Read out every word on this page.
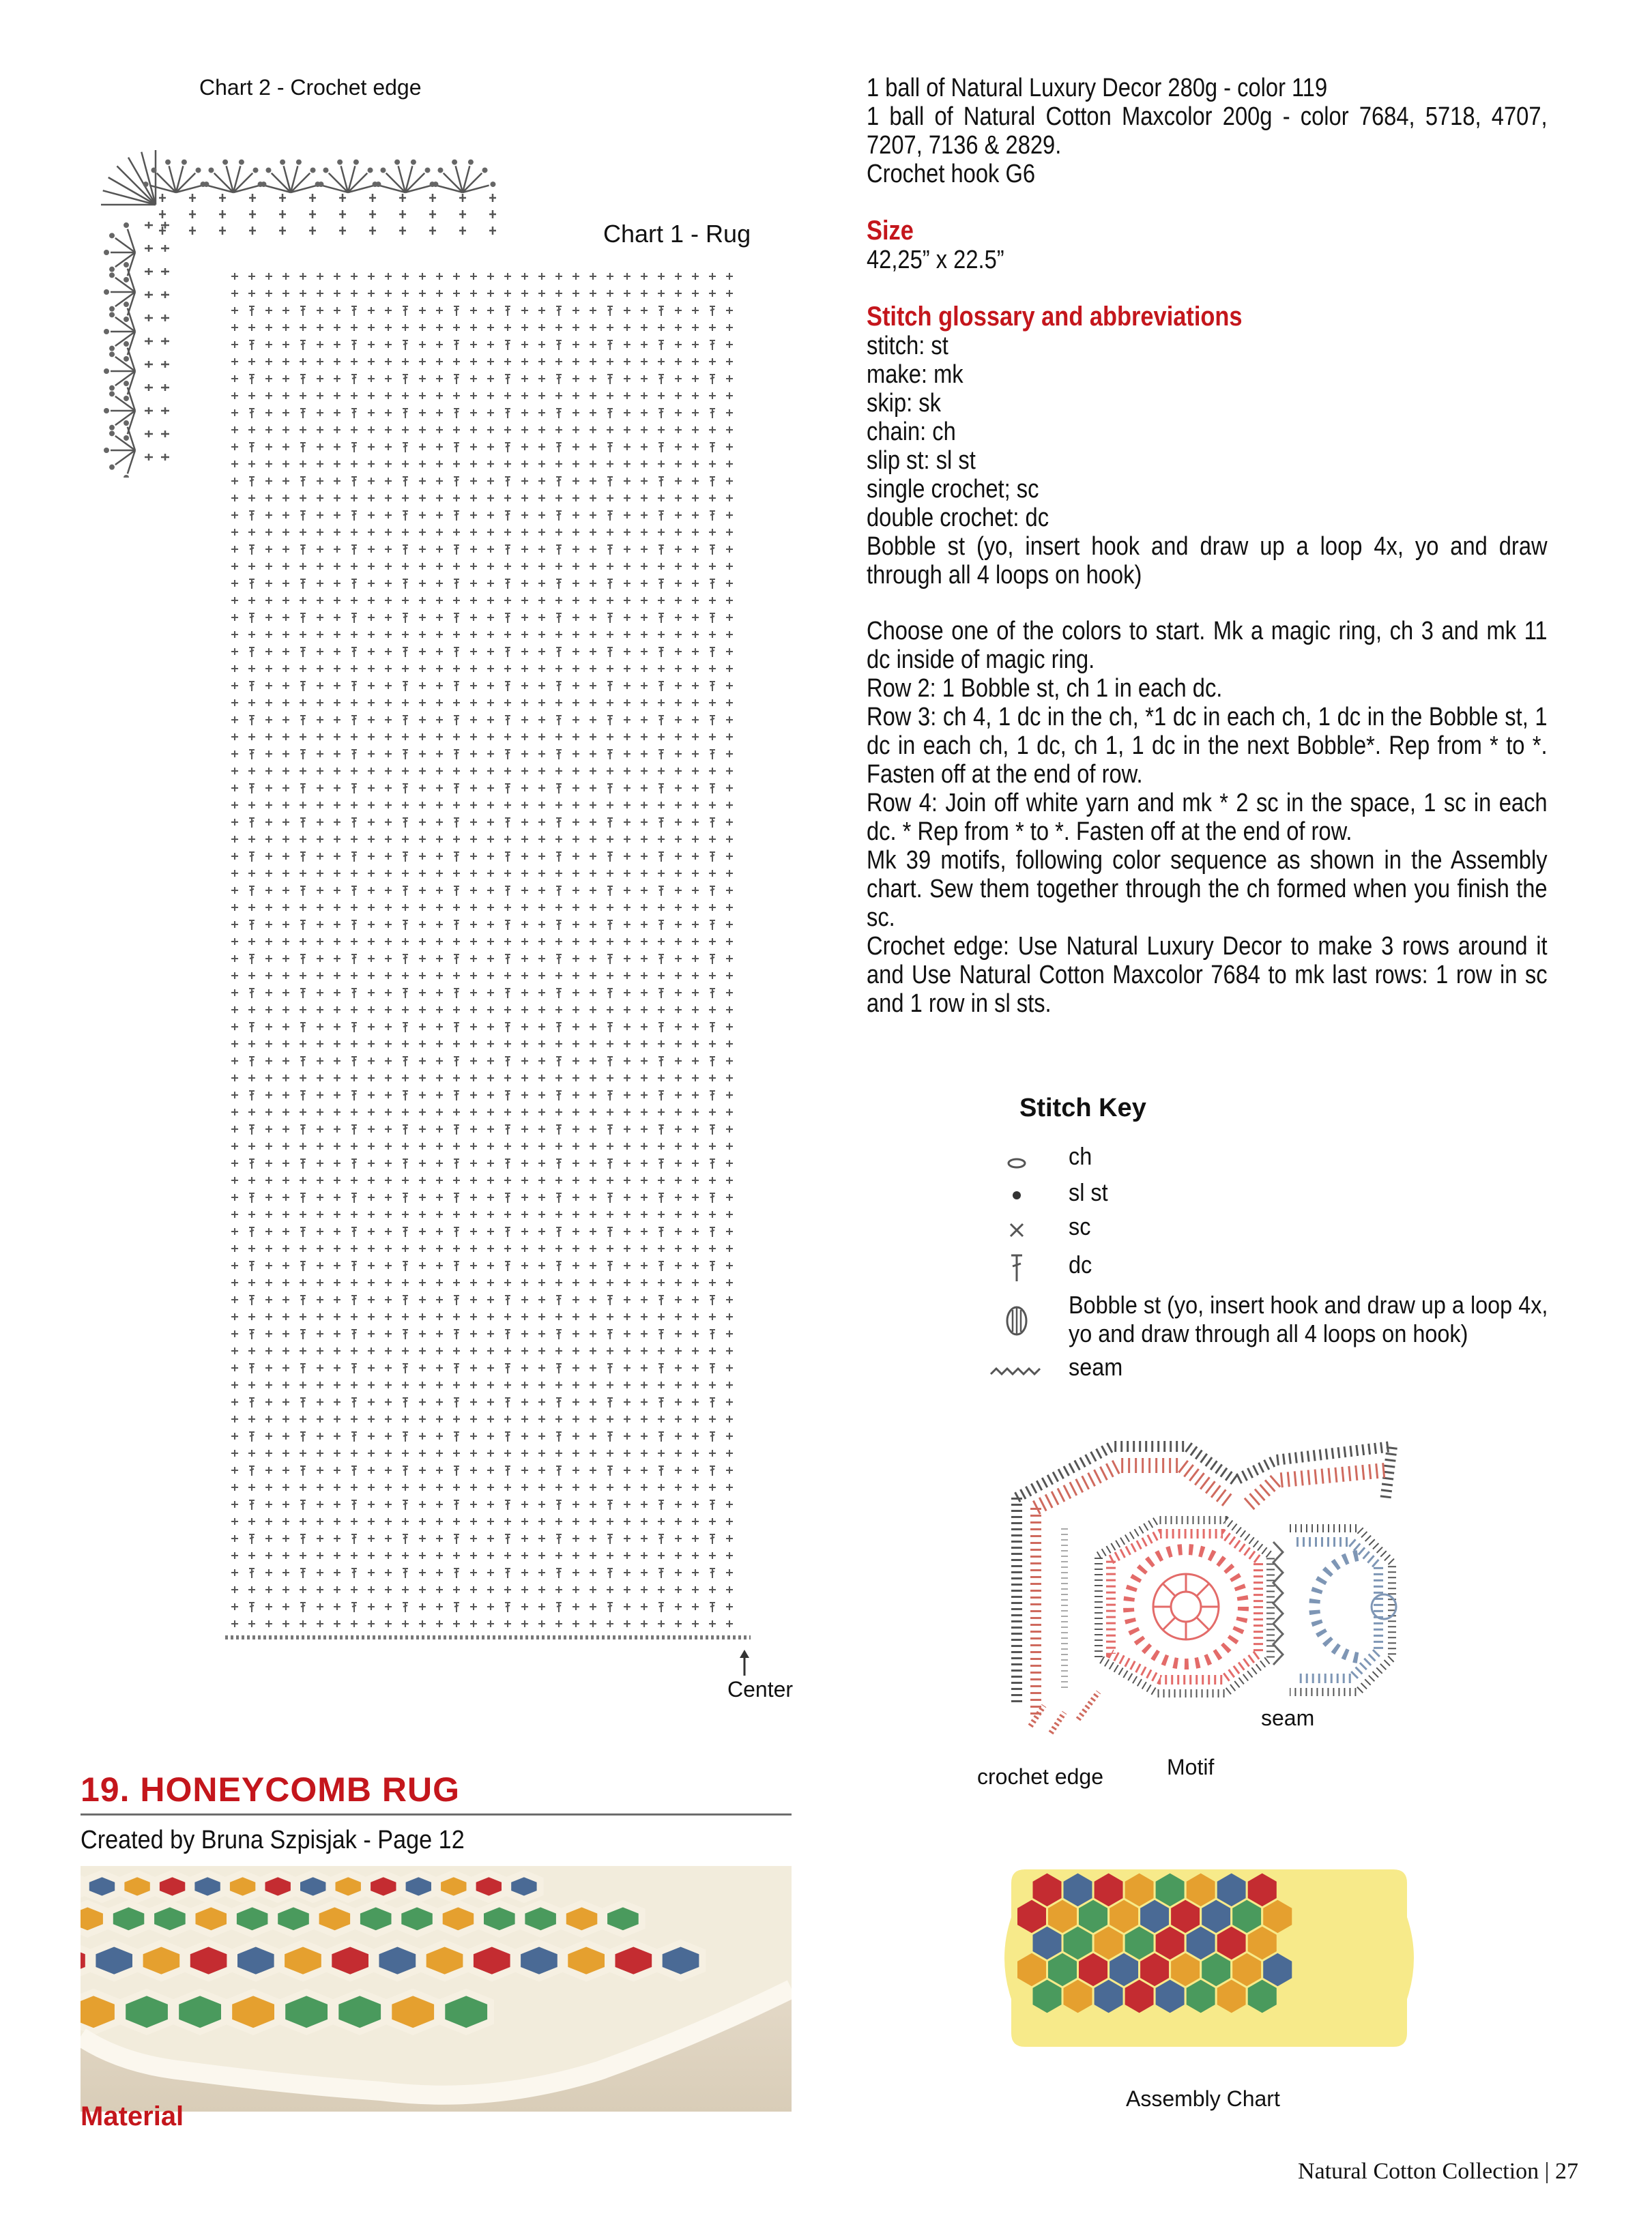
Chart 2 - Crochet edge
Chart 1 - Rug
Center

1 ball of Natural Luxury Decor 280g - color 119

1 ball of Natural Cotton Maxcolor 200g - color 7684, 5718, 4707, 7207, 7136 & 2829.

Crochet hook G6

Size

42,25” x 22.5”

Stitch glossary and abbreviations

stitch: st

make: mk

skip: sk

chain: ch

slip st: sl st

single crochet; sc

double crochet: dc

Bobble st (yo, insert hook and draw up a loop 4x, yo and draw through all 4 loops on hook)

Choose one of the colors to start. Mk a magic ring, ch 3 and mk 11 dc inside of magic ring.

Row 2: 1 Bobble st, ch 1 in each dc.

Row 3: ch 4, 1 dc in the ch, *1 dc in each ch, 1 dc in the Bobble st, 1 dc in each ch, 1 dc, ch 1, 1 dc in the next Bobble*. Rep from * to *. Fasten off at the end of row.

Row 4: Join off white yarn and mk * 2 sc in the space, 1 sc in each dc. * Rep from * to *. Fasten off at the end of row.

Mk 39 motifs, following color sequence as shown in the Assembly chart. Sew them together through the ch formed when you finish the sc.

Crochet edge: Use Natural Luxury Decor to make 3 rows around it and Use Natural Cotton Maxcolor 7684 to mk last rows: 1 row in sc and 1 row in sl sts.

Stitch Key
ch
sl st
sc
dc
Bobble st (yo, insert hook and draw up a loop 4x, yo and draw through all 4 loops on hook)
seam
seam
Motif
crochet edge
Assembly Chart
19. HONEYCOMB RUG
Created by Bruna Szpisjak - Page 12
Material
Natural Cotton Collection | 27
